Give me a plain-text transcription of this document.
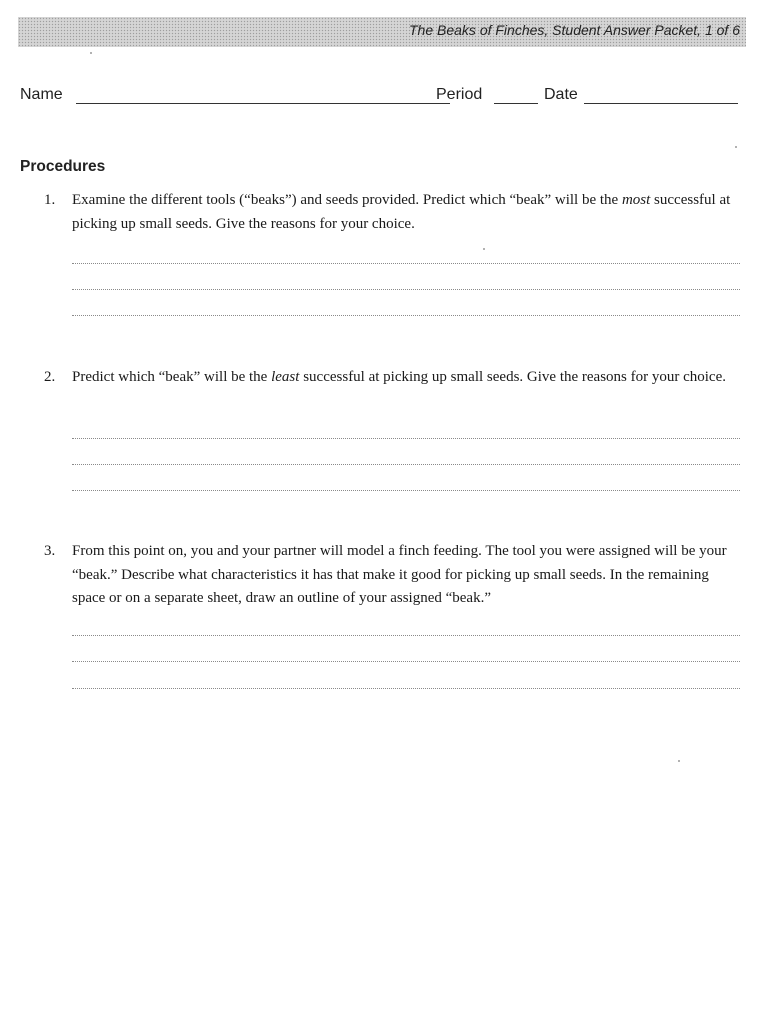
The Beaks of Finches, Student Answer Packet, 1 of 6
Name	Period	Date
Procedures
1. Examine the different tools (“beaks”) and seeds provided. Predict which “beak” will be the most successful at picking up small seeds. Give the reasons for your choice.
2. Predict which “beak” will be the least successful at picking up small seeds. Give the reasons for your choice.
3. From this point on, you and your partner will model a finch feeding. The tool you were assigned will be your “beak.” Describe what characteristics it has that make it good for picking up small seeds. In the remaining space or on a separate sheet, draw an outline of your assigned “beak.”
